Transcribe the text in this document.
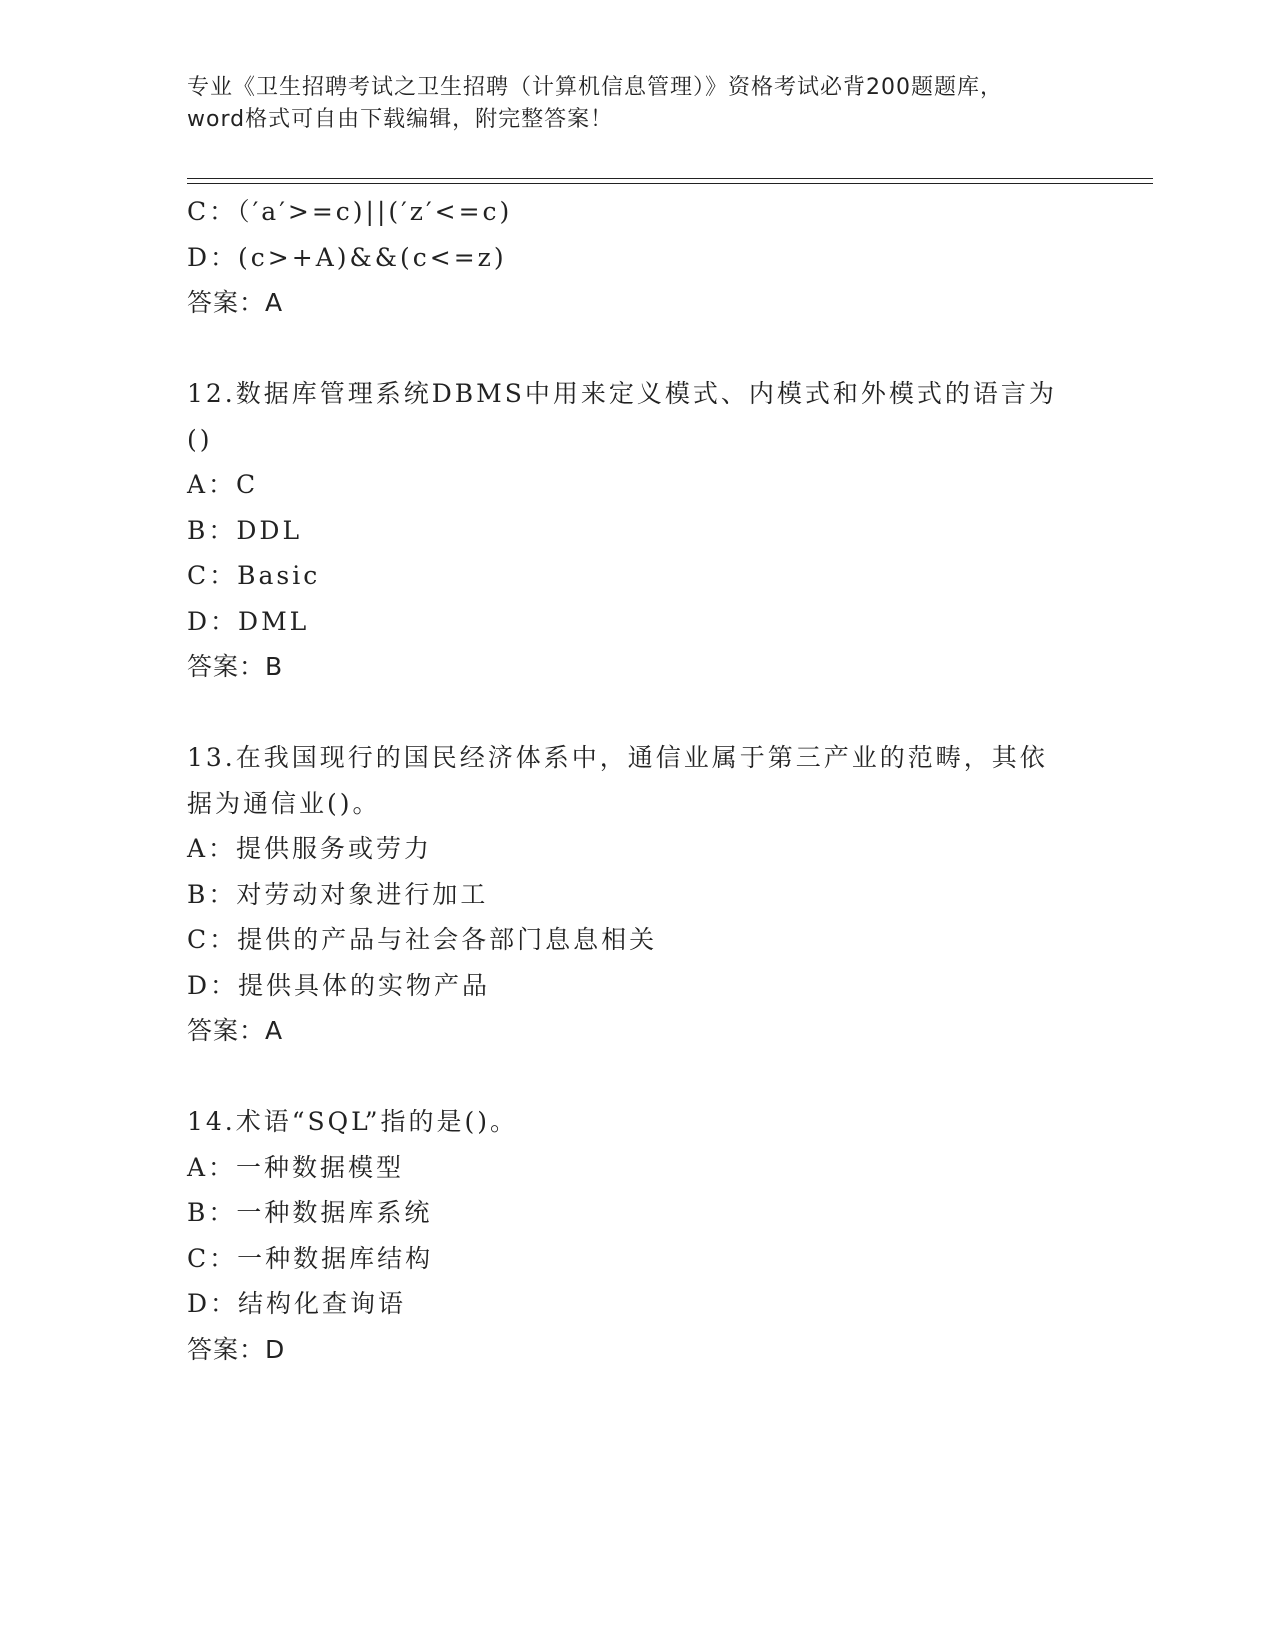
专业《卫生招聘考试之卫生招聘（计算机信息管理）》资格考试必背200题题库，
word格式可自由下载编辑，附完整答案！
C：（′a′>=c)||(′z′<=c)
D：(c>+A)&&(c<=z)
答案：A
12.数据库管理系统DBMS中用来定义模式、内模式和外模式的语言为
()
A：C
B：DDL
C：Basic
D：DML
答案：B
13.在我国现行的国民经济体系中，通信业属于第三产业的范畴，其依
据为通信业()。
A：提供服务或劳力
B：对劳动对象进行加工
C：提供的产品与社会各部门息息相关
D：提供具体的实物产品
答案：A
14.术语“SQL”指的是()。
A：一种数据模型
B：一种数据库系统
C：一种数据库结构
D：结构化查询语
答案：D
